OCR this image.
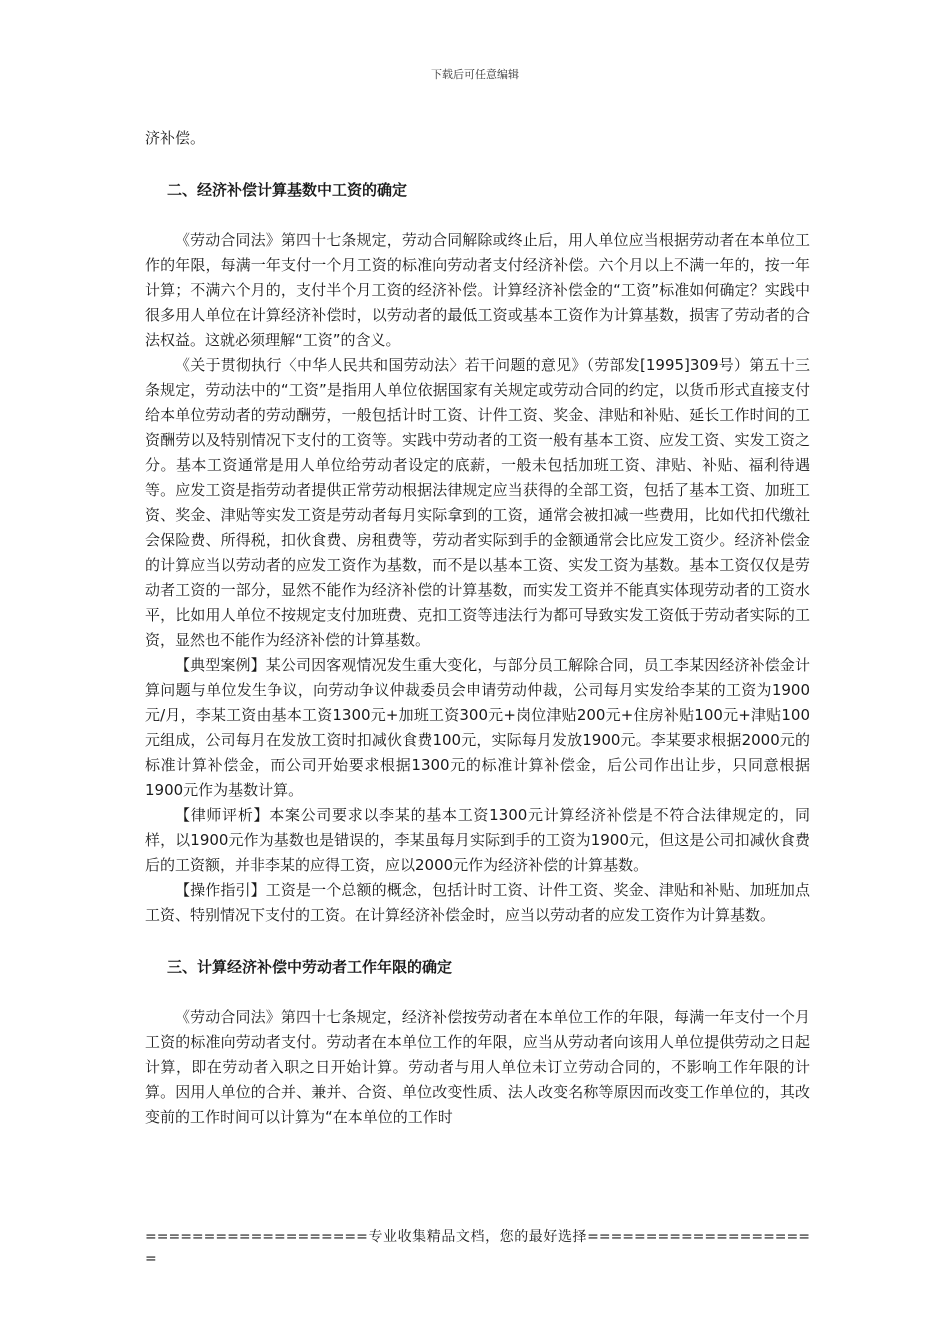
下载后可任意编辑

济补偿。

二、经济补偿计算基数中工资的确定

《劳动合同法》第四十七条规定，劳动合同解除或终止后，用人单位应当根据劳动者在本单位工作的年限，每满一年支付一个月工资的标准向劳动者支付经济补偿。六个月以上不满一年的，按一年计算；不满六个月的，支付半个月工资的经济补偿。计算经济补偿金的“工资”标准如何确定？实践中很多用人单位在计算经济补偿时，以劳动者的最低工资或基本工资作为计算基数，损害了劳动者的合法权益。这就必须理解“工资”的含义。

《关于贯彻执行〈中华人民共和国劳动法〉若干问题的意见》（劳部发[1995]309号）第五十三条规定，劳动法中的“工资”是指用人单位依据国家有关规定或劳动合同的约定，以货币形式直接支付给本单位劳动者的劳动酬劳，一般包括计时工资、计件工资、奖金、津贴和补贴、延长工作时间的工资酬劳以及特别情况下支付的工资等。实践中劳动者的工资一般有基本工资、应发工资、实发工资之分。基本工资通常是用人单位给劳动者设定的底薪，一般未包括加班工资、津贴、补贴、福利待遇等。应发工资是指劳动者提供正常劳动根据法律规定应当获得的全部工资，包括了基本工资、加班工资、奖金、津贴等实发工资是劳动者每月实际拿到的工资，通常会被扣减一些费用，比如代扣代缴社会保险费、所得税，扣伙食费、房租费等，劳动者实际到手的金额通常会比应发工资少。经济补偿金的计算应当以劳动者的应发工资作为基数，而不是以基本工资、实发工资为基数。基本工资仅仅是劳动者工资的一部分，显然不能作为经济补偿的计算基数，而实发工资并不能真实体现劳动者的工资水平，比如用人单位不按规定支付加班费、克扣工资等违法行为都可导致实发工资低于劳动者实际的工资，显然也不能作为经济补偿的计算基数。

【典型案例】某公司因客观情况发生重大变化，与部分员工解除合同，员工李某因经济补偿金计算问题与单位发生争议，向劳动争议仲裁委员会申请劳动仲裁，公司每月实发给李某的工资为1900元/月，李某工资由基本工资1300元+加班工资300元+岗位津贴200元+住房补贴100元+津贴100元组成，公司每月在发放工资时扣减伙食费100元，实际每月发放1900元。李某要求根据2000元的标准计算补偿金，而公司开始要求根据1300元的标准计算补偿金，后公司作出让步，只同意根据1900元作为基数计算。

【律师评析】本案公司要求以李某的基本工资1300元计算经济补偿是不符合法律规定的，同样，以1900元作为基数也是错误的，李某虽每月实际到手的工资为1900元，但这是公司扣减伙食费后的工资额，并非李某的应得工资，应以2000元作为经济补偿的计算基数。

【操作指引】工资是一个总额的概念，包括计时工资、计件工资、奖金、津贴和补贴、加班加点工资、特别情况下支付的工资。在计算经济补偿金时，应当以劳动者的应发工资作为计算基数。

三、计算经济补偿中劳动者工作年限的确定

《劳动合同法》第四十七条规定，经济补偿按劳动者在本单位工作的年限，每满一年支付一个月工资的标准向劳动者支付。劳动者在本单位工作的年限，应当从劳动者向该用人单位提供劳动之日起计算，即在劳动者入职之日开始计算。劳动者与用人单位未订立劳动合同的，不影响工作年限的计算。因用人单位的合并、兼并、合资、单位改变性质、法人改变名称等原因而改变工作单位的，其改变前的工作时间可以计算为“在本单位的工作时

===================专业收集精品文档，您的最好选择====================
